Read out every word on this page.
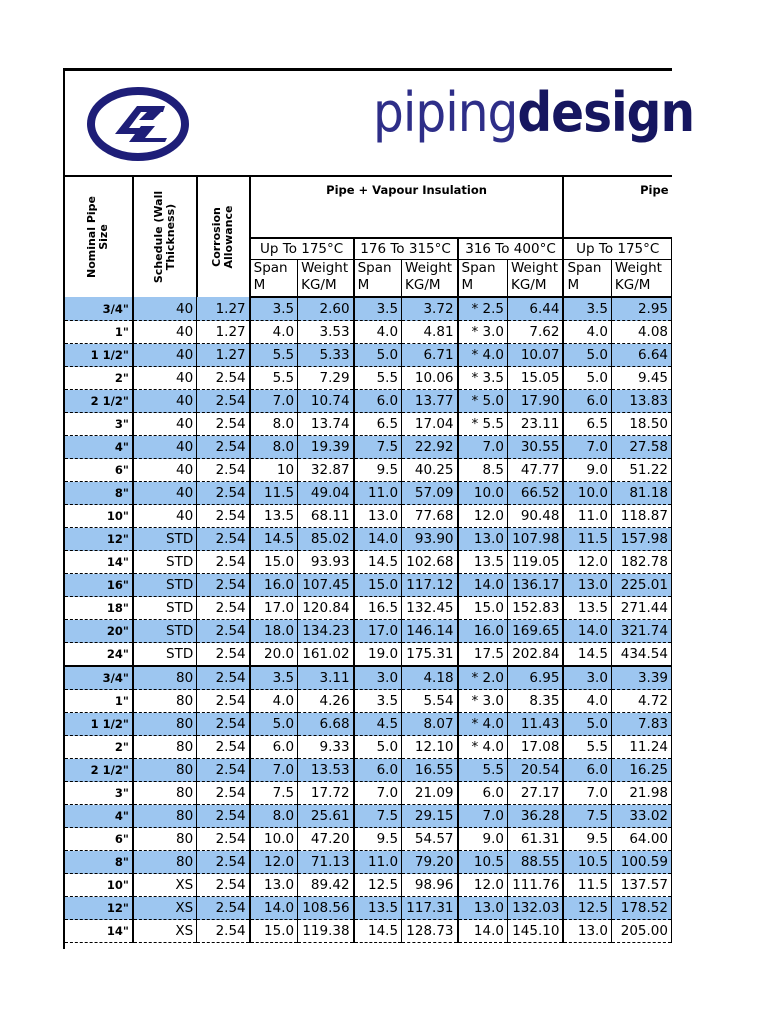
pipingdesign
Nominal Pipe Size	Schedule (Wall Thickness)	Corrosion Allowance	Pipe + Vapour Insulation						Pipe	
			Up To 175°C		176 To 315°C		316 To 400°C		Up To 175°C	
			Span M	Weight KG/M	Span M	Weight KG/M	Span M	Weight KG/M	Span M	Weight KG/M
3/4"	40	1.27	3.5	2.60	3.5	3.72	* 2.5	6.44	3.5	2.95
1"	40	1.27	4.0	3.53	4.0	4.81	* 3.0	7.62	4.0	4.08
1 1/2"	40	1.27	5.5	5.33	5.0	6.71	* 4.0	10.07	5.0	6.64
2"	40	2.54	5.5	7.29	5.5	10.06	* 3.5	15.05	5.0	9.45
2 1/2"	40	2.54	7.0	10.74	6.0	13.77	* 5.0	17.90	6.0	13.83
3"	40	2.54	8.0	13.74	6.5	17.04	* 5.5	23.11	6.5	18.50
4"	40	2.54	8.0	19.39	7.5	22.92	7.0	30.55	7.0	27.58
6"	40	2.54	10	32.87	9.5	40.25	8.5	47.77	9.0	51.22
8"	40	2.54	11.5	49.04	11.0	57.09	10.0	66.52	10.0	81.18
10"	40	2.54	13.5	68.11	13.0	77.68	12.0	90.48	11.0	118.87
12"	STD	2.54	14.5	85.02	14.0	93.90	13.0	107.98	11.5	157.98
14"	STD	2.54	15.0	93.93	14.5	102.68	13.5	119.05	12.0	182.78
16"	STD	2.54	16.0	107.45	15.0	117.12	14.0	136.17	13.0	225.01
18"	STD	2.54	17.0	120.84	16.5	132.45	15.0	152.83	13.5	271.44
20"	STD	2.54	18.0	134.23	17.0	146.14	16.0	169.65	14.0	321.74
24"	STD	2.54	20.0	161.02	19.0	175.31	17.5	202.84	14.5	434.54
3/4"	80	2.54	3.5	3.11	3.0	4.18	* 2.0	6.95	3.0	3.39
1"	80	2.54	4.0	4.26	3.5	5.54	* 3.0	8.35	4.0	4.72
1 1/2"	80	2.54	5.0	6.68	4.5	8.07	* 4.0	11.43	5.0	7.83
2"	80	2.54	6.0	9.33	5.0	12.10	* 4.0	17.08	5.5	11.24
2 1/2"	80	2.54	7.0	13.53	6.0	16.55	5.5	20.54	6.0	16.25
3"	80	2.54	7.5	17.72	7.0	21.09	6.0	27.17	7.0	21.98
4"	80	2.54	8.0	25.61	7.5	29.15	7.0	36.28	7.5	33.02
6"	80	2.54	10.0	47.20	9.5	54.57	9.0	61.31	9.5	64.00
8"	80	2.54	12.0	71.13	11.0	79.20	10.5	88.55	10.5	100.59
10"	XS	2.54	13.0	89.42	12.5	98.96	12.0	111.76	11.5	137.57
12"	XS	2.54	14.0	108.56	13.5	117.31	13.0	132.03	12.5	178.52
14"	XS	2.54	15.0	119.38	14.5	128.73	14.0	145.10	13.0	205.00
